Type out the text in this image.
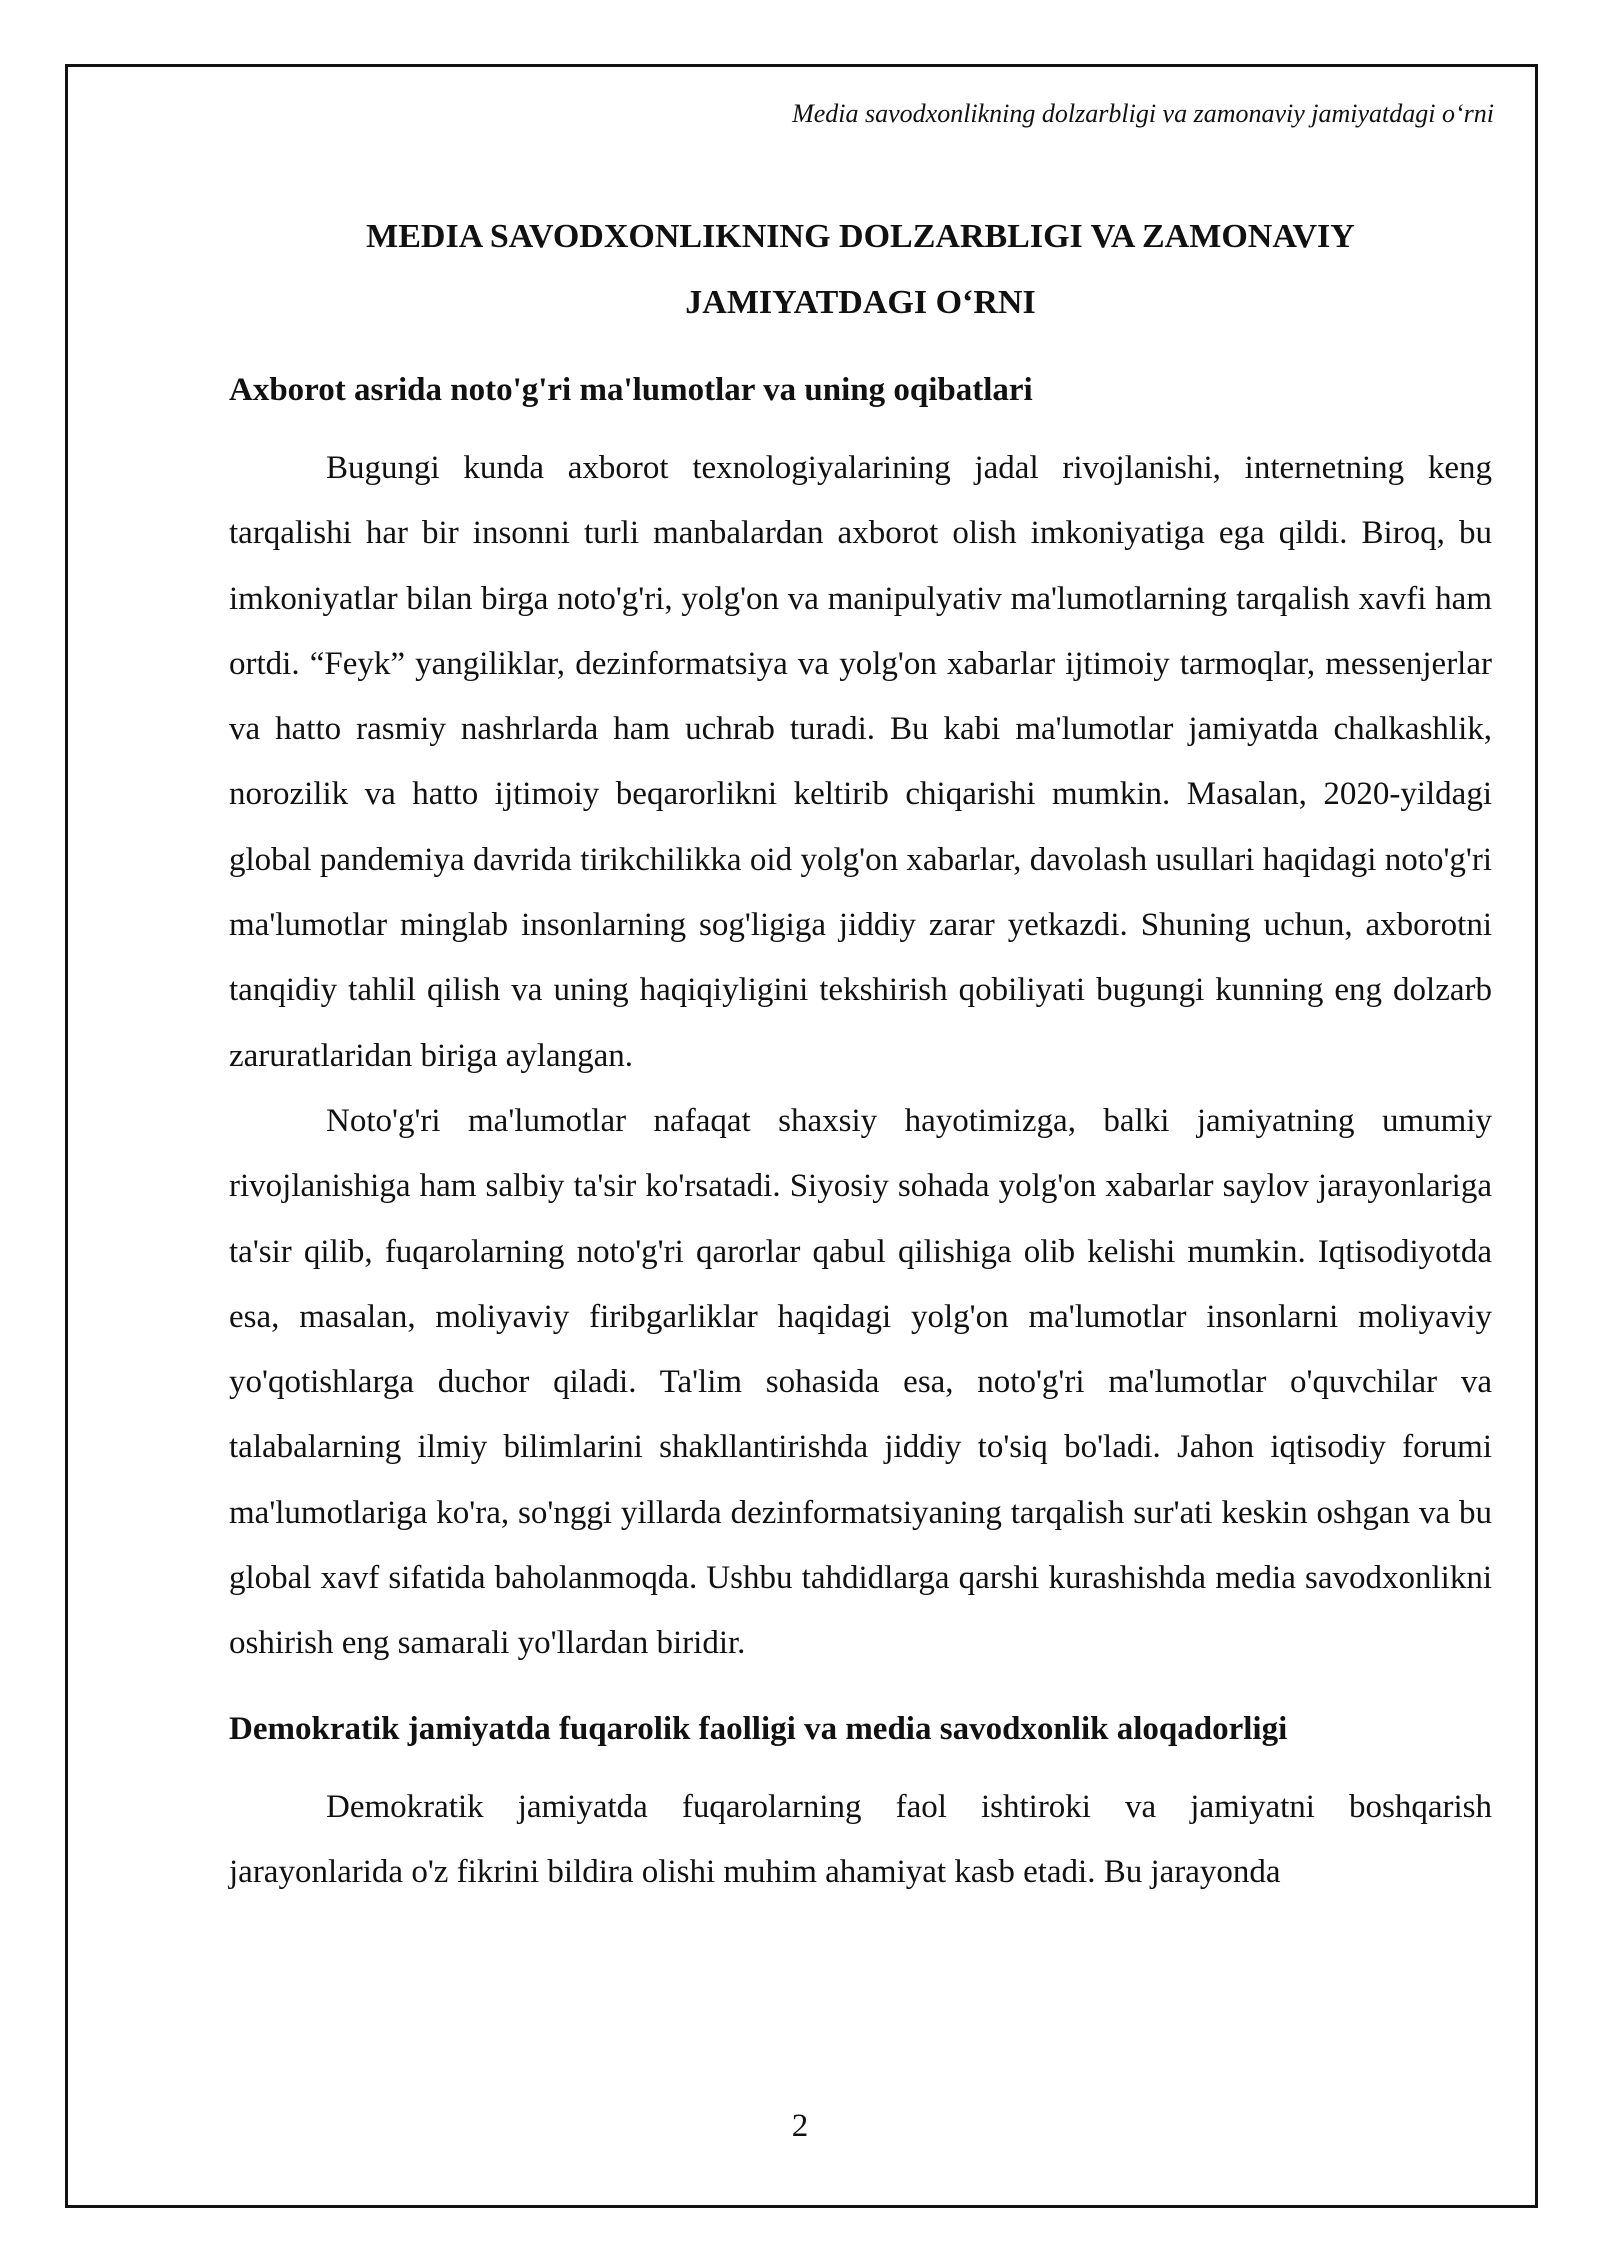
Media savodxonlikning dolzarbligi va zamonaviy jamiyatdagi o‘rni

MEDIA SAVODXONLIKNING DOLZARBLIGI VA ZAMONAVIY JAMIYATDAGI O‘RNI
Axborot asrida noto'g'ri ma'lumotlar va uning oqibatlari

Bugungi kunda axborot texnologiyalarining jadal rivojlanishi, internetning keng tarqalishi har bir insonni turli manbalardan axborot olish imkoniyatiga ega qildi. Biroq, bu imkoniyatlar bilan birga noto'g'ri, yolg'on va manipulyativ ma'lumotlarning tarqalish xavfi ham ortdi. “Feyk” yangiliklar, dezinformatsiya va yolg'on xabarlar ijtimoiy tarmoqlar, messenjerlar va hatto rasmiy nashrlarda ham uchrab turadi. Bu kabi ma'lumotlar jamiyatda chalkashlik, norozilik va hatto ijtimoiy beqarorlikni keltirib chiqarishi mumkin. Masalan, 2020-yildagi global pandemiya davrida tirikchilikka oid yolg'on xabarlar, davolash usullari haqidagi noto'g'ri ma'lumotlar minglab insonlarning sog'ligiga jiddiy zarar yetkazdi. Shuning uchun, axborotni tanqidiy tahlil qilish va uning haqiqiyligini tekshirish qobiliyati bugungi kunning eng dolzarb zaruratlaridan biriga aylangan.

Noto'g'ri ma'lumotlar nafaqat shaxsiy hayotimizga, balki jamiyatning umumiy rivojlanishiga ham salbiy ta'sir ko'rsatadi. Siyosiy sohada yolg'on xabarlar saylov jarayonlariga ta'sir qilib, fuqarolarning noto'g'ri qarorlar qabul qilishiga olib kelishi mumkin. Iqtisodiyotda esa, masalan, moliyaviy firibgarliklar haqidagi yolg'on ma'lumotlar insonlarni moliyaviy yo'qotishlarga duchor qiladi. Ta'lim sohasida esa, noto'g'ri ma'lumotlar o'quvchilar va talabalarning ilmiy bilimlarini shakllantirishda jiddiy to'siq bo'ladi. Jahon iqtisodiy forumi ma'lumotlariga ko'ra, so'nggi yillarda dezinformatsiyaning tarqalish sur'ati keskin oshgan va bu global xavf sifatida baholanmoqda. Ushbu tahdidlarga qarshi kurashishda media savodxonlikni oshirish eng samarali yo'llardan biridir.

Demokratik jamiyatda fuqarolik faolligi va media savodxonlik aloqadorligi

Demokratik jamiyatda fuqarolarning faol ishtiroki va jamiyatni boshqarish jarayonlarida o'z fikrini bildira olishi muhim ahamiyat kasb etadi. Bu jarayonda

2
